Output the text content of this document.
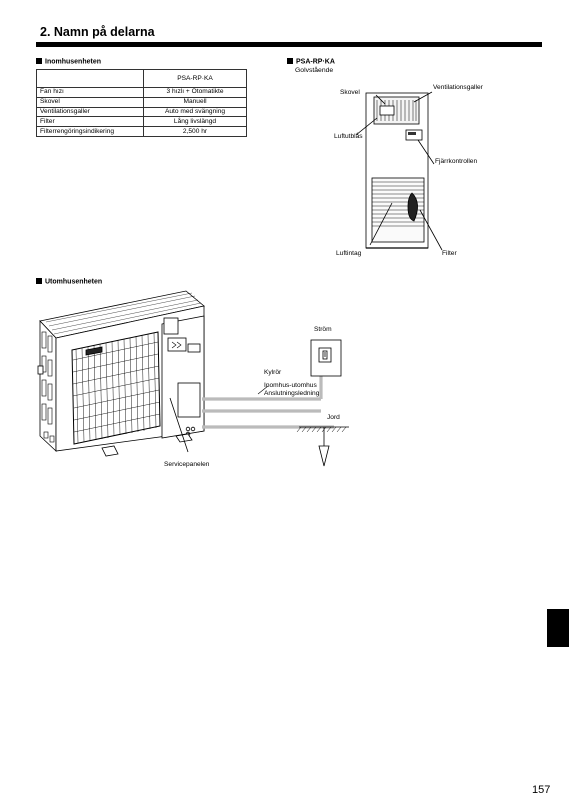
2. Namn på delarna
Inomhusenheten
	PSA-RP·KA
Fan hızı	3 hızlı + Otomatikte
Skovel	Manuell
Ventilationsgaller	Auto med svängning
Filter	Lång livslängd
Filterrengöringsindikering	2,500 hr
PSA-RP·KA
Golvstående
Skovel
Ventilationsgaller
Luftutblås
Fjärrkontrollen
Luftintag	Filter
Utomhusenheten
Ström
Kylrör
Inomhus-utomhus
Anslutningsledning
Jord
Servicepanelen
157
